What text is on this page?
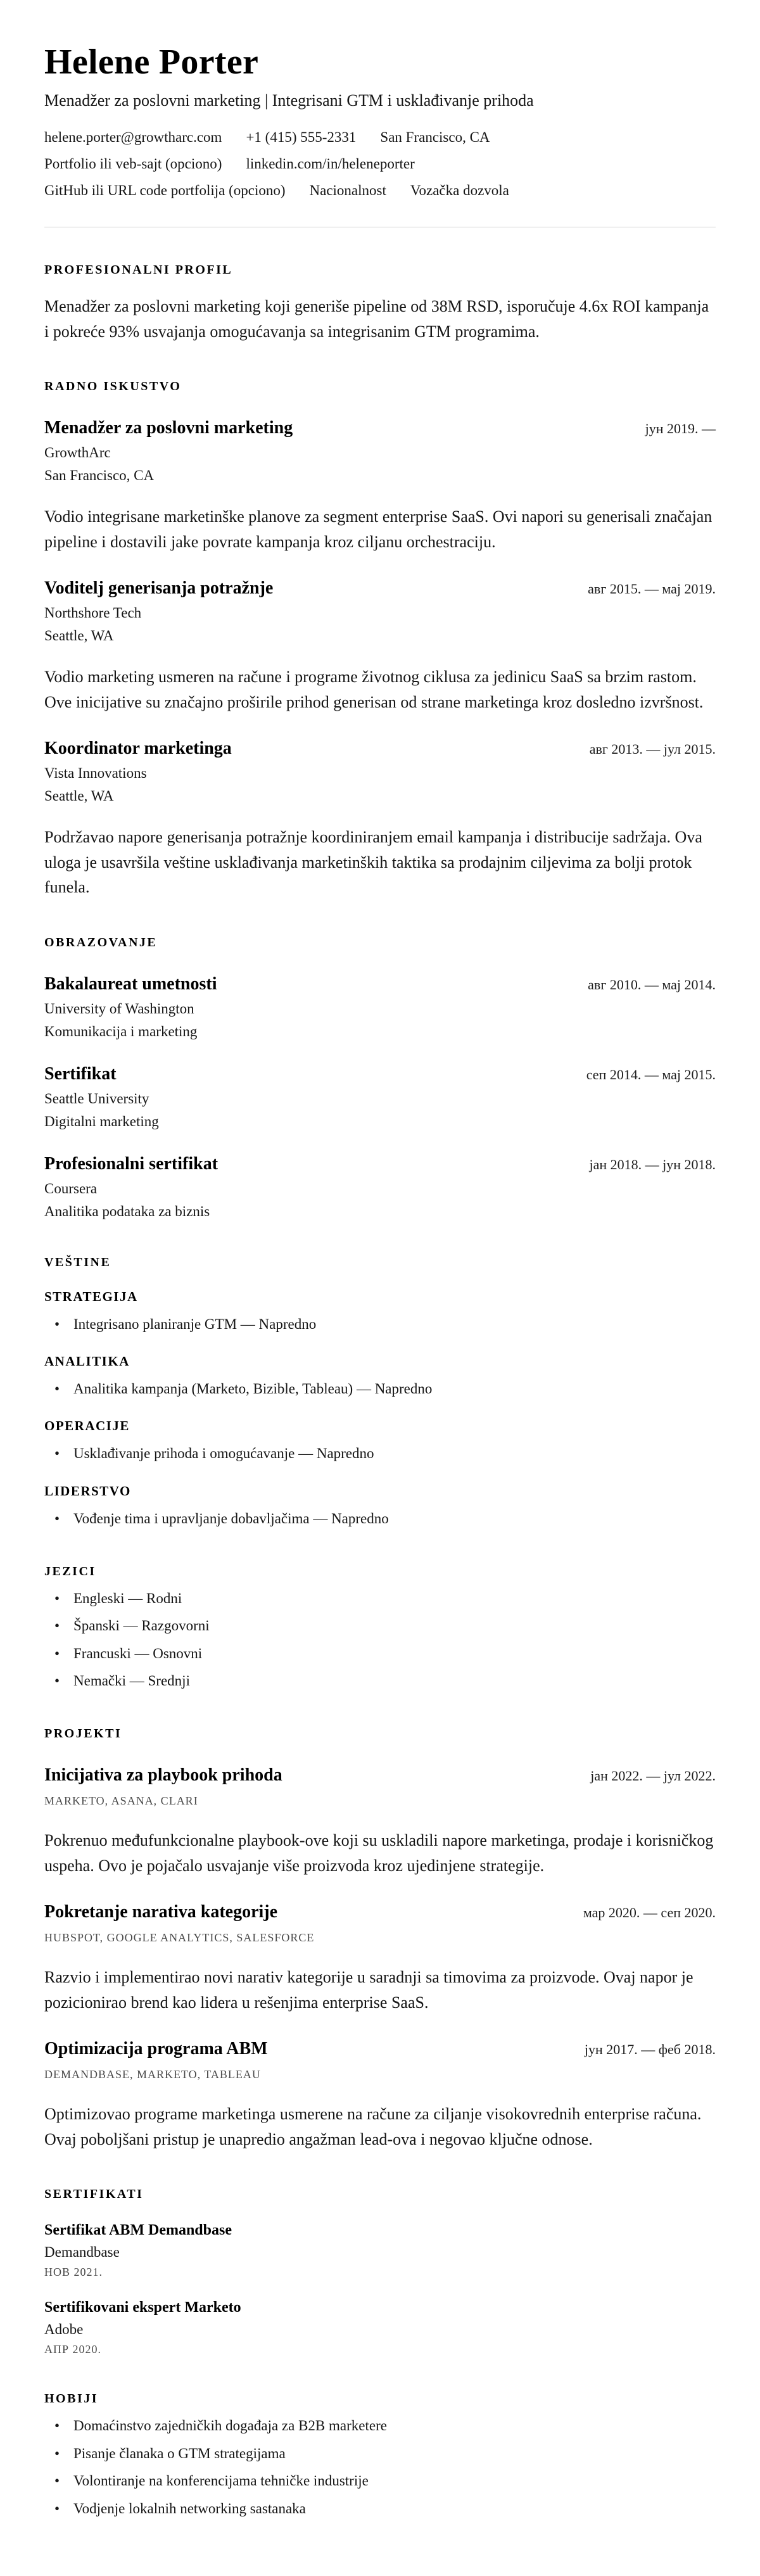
Helene Porter

Menadžer za poslovni marketing | Integrisani GTM i usklađivanje prihoda

helene.porter@growtharc.com +1 (415) 555-2331 San Francisco, CA
Portfolio ili veb-sajt (opciono) linkedin.com/in/heleneporter
GitHub ili URL code portfolija (opciono) Nacionalnost Vozačka dozvola
PROFESIONALNI PROFIL

Menadžer za poslovni marketing koji generiše pipeline od 38M RSD, isporučuje 4.6x ROI kampanja i pokreće 93% usvajanja omogućavanja sa integrisanim GTM programima.

RADNO ISKUSTVO
Menadžer za poslovni marketing	јун 2019. —
GrowthArc
San Francisco, CA

Vodio integrisane marketinške planove za segment enterprise SaaS. Ovi napori su generisali značajan pipeline i dostavili jake povrate kampanja kroz ciljanu orchestraciju.

Voditelj generisanja potražnje	авг 2015. — мај 2019.
Northshore Tech
Seattle, WA

Vodio marketing usmeren na račune i programe životnog ciklusa za jedinicu SaaS sa brzim rastom. Ove inicijative su značajno proširile prihod generisan od strane marketinga kroz dosledno izvršnost.

Koordinator marketinga	авг 2013. — јул 2015.
Vista Innovations
Seattle, WA

Podržavao napore generisanja potražnje koordiniranjem email kampanja i distribucije sadržaja. Ova uloga je usavršila veštine usklađivanja marketinških taktika sa prodajnim ciljevima za bolji protok funela.

OBRAZOVANJE
Bakalaureat umetnosti	авг 2010. — мај 2014.
University of Washington
Komunikacija i marketing
Sertifikat	сеп 2014. — мај 2015.
Seattle University
Digitalni marketing
Profesionalni sertifikat	јан 2018. — јун 2018.
Coursera
Analitika podataka za biznis
VEŠTINE
STRATEGIJA
• Integrisano planiranje GTM — Napredno
ANALITIKA
• Analitika kampanja (Marketo, Bizible, Tableau) — Napredno
OPERACIJE
• Usklađivanje prihoda i omogućavanje — Napredno
LIDERSTVO
• Vođenje tima i upravljanje dobavljačima — Napredno
JEZICI
• Engleski — Rodni
• Španski — Razgovorni
• Francuski — Osnovni
• Nemački — Srednji
PROJEKTI
Inicijativa za playbook prihoda	јан 2022. — јул 2022.
MARKETO, ASANA, CLARI

Pokrenuo međufunkcionalne playbook-ove koji su uskladili napore marketinga, prodaje i korisničkog uspeha. Ovo je pojačalo usvajanje više proizvoda kroz ujedinjene strategije.

Pokretanje narativa kategorije	мар 2020. — сеп 2020.
HUBSPOT, GOOGLE ANALYTICS, SALESFORCE

Razvio i implementirao novi narativ kategorije u saradnji sa timovima za proizvode. Ovaj napor je pozicionirao brend kao lidera u rešenjima enterprise SaaS.

Optimizacija programa ABM	јун 2017. — феб 2018.
DEMANDBASE, MARKETO, TABLEAU

Optimizovao programe marketinga usmerene na račune za ciljanje visokovrednih enterprise računa. Ovaj poboljšani pristup je unapredio angažman lead-ova i negovao ključne odnose.

SERTIFIKATI
Sertifikat ABM Demandbase
Demandbase
НОВ 2021.
Sertifikovani ekspert Marketo
Adobe
АПР 2020.
HOBIJI
• Domaćinstvo zajedničkih događaja za B2B marketere
• Pisanje članaka o GTM strategijama
• Volontiranje na konferencijama tehničke industrije
• Vodjenje lokalnih networking sastanaka
